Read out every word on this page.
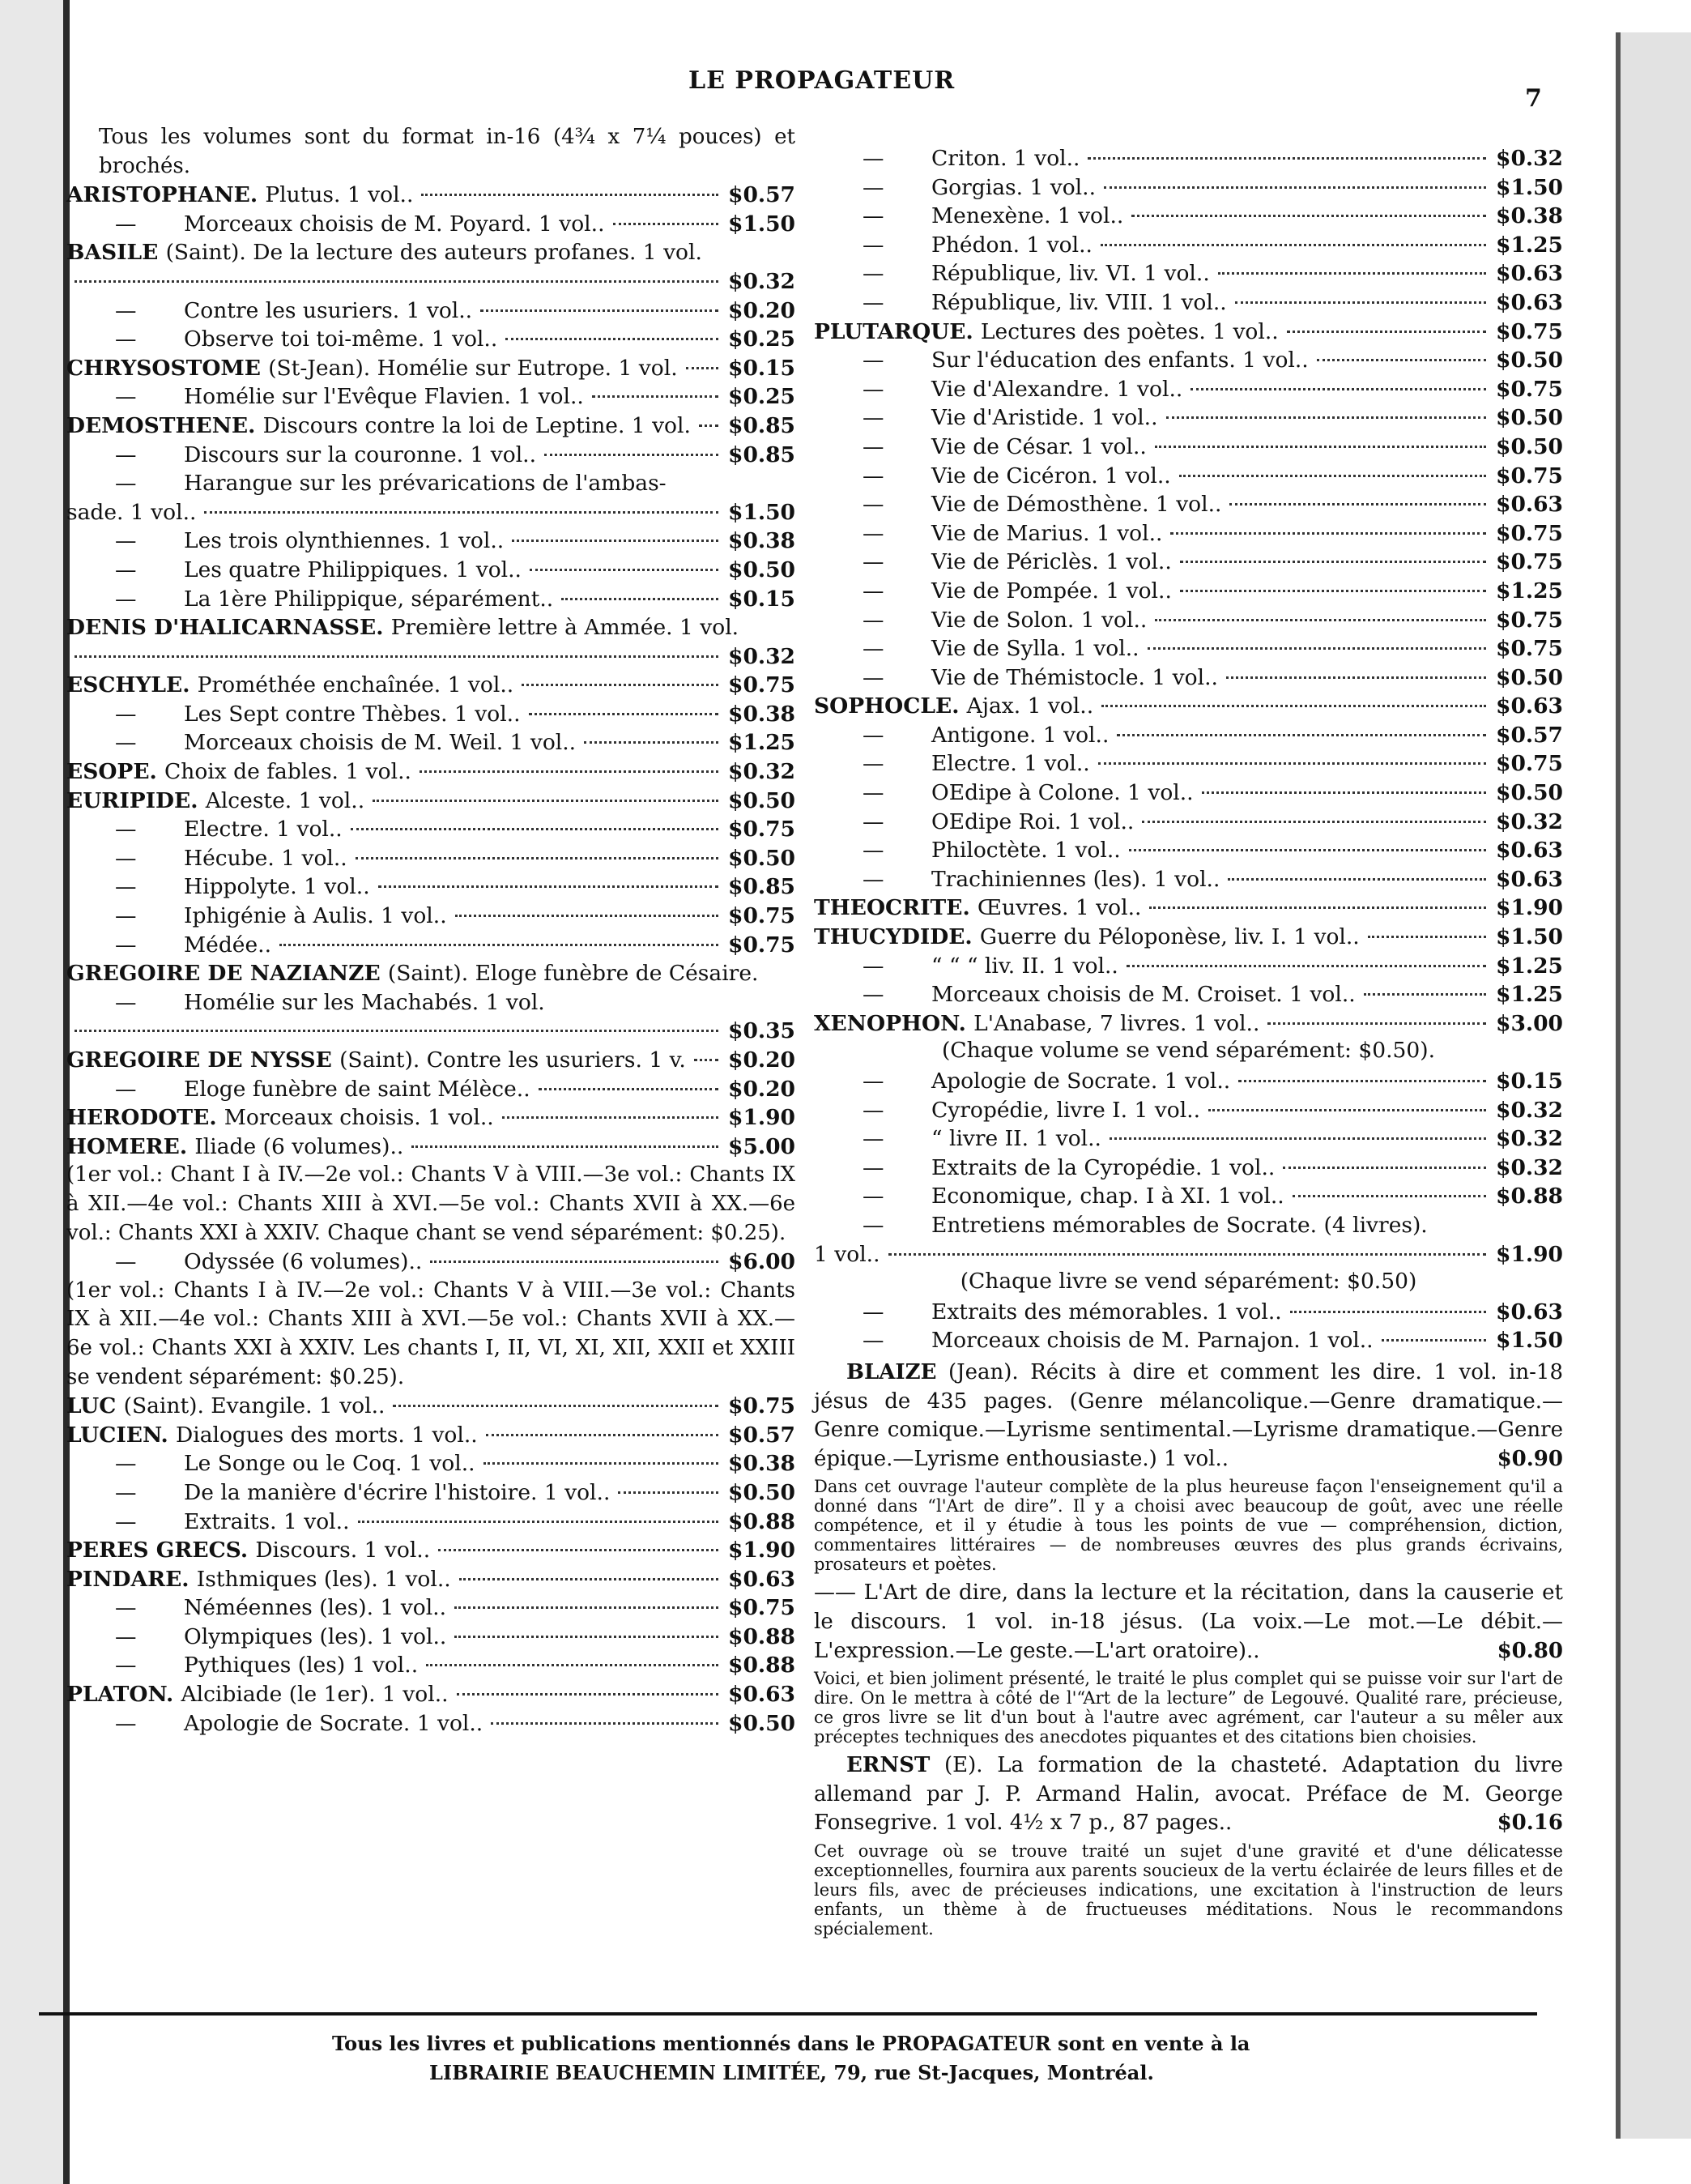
LE PROPAGATEUR
7
Tous les volumes sont du format in-16 (4¾ x 7¼ pouces) et brochés.
ARISTOPHANE. Plutus. 1 vol..	$0.57
— Morceaux choisis de M. Poyard. 1 vol..	$1.50
BASILE (Saint). De la lecture des auteurs profanes. 1 vol.
$0.32
— Contre les usuriers. 1 vol..	$0.20
— Observe toi toi-même. 1 vol..	$0.25
CHRYSOSTOME (St-Jean). Homélie sur Eutrope. 1 vol. $0.15
— Homélie sur l'Evêque Flavien. 1 vol..	$0.25
DEMOSTHENE. Discours contre la loi de Leptine. 1 vol. $0.85
— Discours sur la couronne. 1 vol..	$0.85
— Harangue sur les prévarications de l'ambas-
sade. 1 vol..	$1.50
— Les trois olynthiennes. 1 vol..	$0.38
— Les quatre Philippiques. 1 vol..	$0.50
— La 1ère Philippique, séparément..	$0.15
DENIS D'HALICARNASSE. Première lettre à Ammée. 1 vol.
$0.32
ESCHYLE. Prométhée enchaînée. 1 vol..	$0.75
— Les Sept contre Thèbes. 1 vol..	$0.38
— Morceaux choisis de M. Weil. 1 vol..	$1.25
ESOPE. Choix de fables. 1 vol..	$0.32
EURIPIDE. Alceste. 1 vol..	$0.50
— Electre. 1 vol..	$0.75
— Hécube. 1 vol..	$0.50
— Hippolyte. 1 vol..	$0.85
— Iphigénie à Aulis. 1 vol..	$0.75
— Médée..	$0.75
GREGOIRE DE NAZIANZE (Saint). Eloge funèbre de Césaire.
— Homélie sur les Machabés. 1 vol.
$0.35
GREGOIRE DE NYSSE (Saint). Contre les usuriers. 1 v. $0.20
— Eloge funèbre de saint Mélèce..	$0.20
HERODOTE. Morceaux choisis. 1 vol..	$1.90
HOMERE. Iliade (6 volumes)..	$5.00
(1er vol.: Chant I à IV.—2e vol.: Chants V à VIII.—3e vol.: Chants IX à XII.—4e vol.: Chants XIII à XVI.—5e vol.: Chants XVII à XX.—6e vol.: Chants XXI à XXIV. Chaque chant se vend séparément: $0.25).
— Odyssée (6 volumes)..	$6.00
(1er vol.: Chants I à IV.—2e vol.: Chants V à VIII.—3e vol.: Chants IX à XII.—4e vol.: Chants XIII à XVI.—5e vol.: Chants XVII à XX.—6e vol.: Chants XXI à XXIV. Les chants I, II, VI, XI, XII, XXII et XXIII se vendent séparément: $0.25).
LUC (Saint). Evangile. 1 vol..	$0.75
LUCIEN. Dialogues des morts. 1 vol..	$0.57
— Le Songe ou le Coq. 1 vol..	$0.38
— De la manière d'écrire l'histoire. 1 vol..	$0.50
— Extraits. 1 vol..	$0.88
PERES GRECS. Discours. 1 vol..	$1.90
PINDARE. Isthmiques (les). 1 vol..	$0.63
— Néméennes (les). 1 vol..	$0.75
— Olympiques (les). 1 vol..	$0.88
— Pythiques (les) 1 vol..	$0.88
PLATON. Alcibiade (le 1er). 1 vol..	$0.63
— Apologie de Socrate. 1 vol..	$0.50
— Criton. 1 vol..	$0.32
— Gorgias. 1 vol..	$1.50
— Menexène. 1 vol..	$0.38
— Phédon. 1 vol..	$1.25
— République, liv. VI. 1 vol..	$0.63
— République, liv. VIII. 1 vol..	$0.63
PLUTARQUE. Lectures des poètes. 1 vol..	$0.75
— Sur l'éducation des enfants. 1 vol..	$0.50
— Vie d'Alexandre. 1 vol..	$0.75
— Vie d'Aristide. 1 vol..	$0.50
— Vie de César. 1 vol..	$0.50
— Vie de Cicéron. 1 vol..	$0.75
— Vie de Démosthène. 1 vol..	$0.63
— Vie de Marius. 1 vol..	$0.75
— Vie de Périclès. 1 vol..	$0.75
— Vie de Pompée. 1 vol..	$1.25
— Vie de Solon. 1 vol..	$0.75
— Vie de Sylla. 1 vol..	$0.75
— Vie de Thémistocle. 1 vol..	$0.50
SOPHOCLE. Ajax. 1 vol..	$0.63
— Antigone. 1 vol..	$0.57
— Electre. 1 vol..	$0.75
— OEdipe à Colone. 1 vol..	$0.50
— OEdipe Roi. 1 vol..	$0.32
— Philoctète. 1 vol..	$0.63
— Trachiniennes (les). 1 vol..	$0.63
THEOCRITE. Œuvres. 1 vol..	$1.90
THUCYDIDE. Guerre du Péloponèse, liv. I. 1 vol..	$1.50
— “ “ “ liv. II. 1 vol..	$1.25
— Morceaux choisis de M. Croiset. 1 vol..	$1.25
XENOPHON. L'Anabase, 7 livres. 1 vol..	$3.00
(Chaque volume se vend séparément: $0.50).
— Apologie de Socrate. 1 vol..	$0.15
— Cyropédie, livre I. 1 vol..	$0.32
— “ livre II. 1 vol..	$0.32
— Extraits de la Cyropédie. 1 vol..	$0.32
— Economique, chap. I à XI. 1 vol..	$0.88
— Entretiens mémorables de Socrate. (4 livres).
1 vol..	$1.90
(Chaque livre se vend séparément: $0.50)
— Extraits des mémorables. 1 vol..	$0.63
— Morceaux choisis de M. Parnajon. 1 vol..	$1.50
BLAIZE (Jean). Récits à dire et comment les dire. 1 vol. in-18 jésus de 435 pages. (Genre mélancolique.—Genre dramatique.—Genre comique.—Lyrisme sentimental.—Lyrisme dramatique.—Genre épique.—Lyrisme enthousiaste.) 1 vol..	$0.90
Dans cet ouvrage l'auteur complète de la plus heureuse façon l'enseignement qu'il a donné dans “l'Art de dire”. Il y a choisi avec beaucoup de goût, avec une réelle compétence, et il y étudie à tous les points de vue — compréhension, diction, commentaires littéraires — de nombreuses œuvres des plus grands écrivains, prosateurs et poètes.
—— L'Art de dire, dans la lecture et la récitation, dans la causerie et le discours. 1 vol. in-18 jésus. (La voix.—Le mot.—Le débit.—L'expression.—Le geste.—L'art oratoire)..	$0.80
Voici, et bien joliment présenté, le traité le plus complet qui se puisse voir sur l'art de dire. On le mettra à côté de l'“Art de la lecture” de Legouvé. Qualité rare, précieuse, ce gros livre se lit d'un bout à l'autre avec agrément, car l'auteur a su mêler aux préceptes techniques des anecdotes piquantes et des citations bien choisies.
ERNST (E). La formation de la chasteté. Adaptation du livre allemand par J. P. Armand Halin, avocat. Préface de M. George Fonsegrive. 1 vol. 4½ x 7 p., 87 pages..	$0.16
Cet ouvrage où se trouve traité un sujet d'une gravité et d'une délicatesse exceptionnelles, fournira aux parents soucieux de la vertu éclairée de leurs filles et de leurs fils, avec de précieuses indications, une excitation à l'instruction de leurs enfants, un thème à de fructueuses méditations. Nous le recommandons spécialement.
Tous les livres et publications mentionnés dans le PROPAGATEUR sont en vente à la
LIBRAIRIE BEAUCHEMIN LIMITÉE, 79, rue St-Jacques, Montréal.
